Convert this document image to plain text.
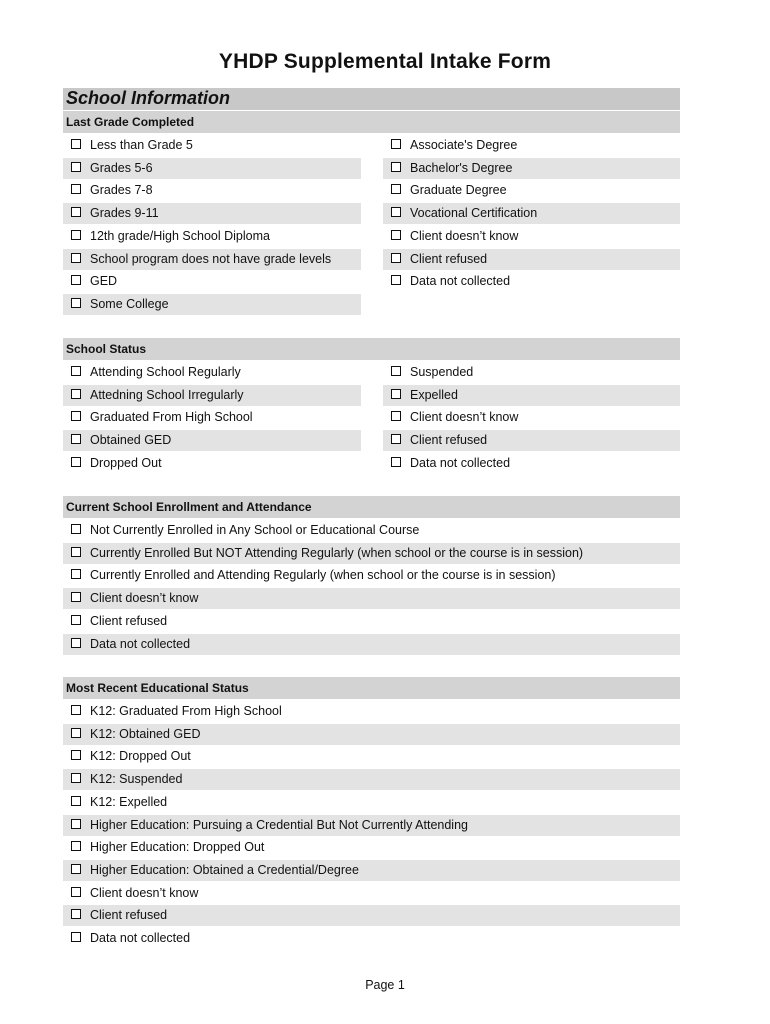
YHDP Supplemental Intake Form
School Information
Last Grade Completed
Less than Grade 5
Grades 5-6
Grades 7-8
Grades 9-11
12th grade/High School Diploma
School program does not have grade levels
GED
Some College
Associate's Degree
Bachelor's Degree
Graduate Degree
Vocational Certification
Client doesn’t know
Client refused
Data not collected
School Status
Attending School Regularly
Attedning School Irregularly
Graduated From High School
Obtained GED
Dropped Out
Suspended
Expelled
Client doesn’t know
Client refused
Data not collected
Current School Enrollment and Attendance
Not Currently Enrolled in Any School or Educational Course
Currently Enrolled But NOT Attending Regularly (when school or the course is in session)
Currently Enrolled and Attending Regularly (when school or the course is in session)
Client doesn’t know
Client refused
Data not collected
Most Recent Educational Status
K12: Graduated From High School
K12: Obtained GED
K12: Dropped Out
K12: Suspended
K12: Expelled
Higher Education: Pursuing a Credential But Not Currently Attending
Higher Education: Dropped Out
Higher Education: Obtained a Credential/Degree
Client doesn’t know
Client refused
Data not collected
Page 1
